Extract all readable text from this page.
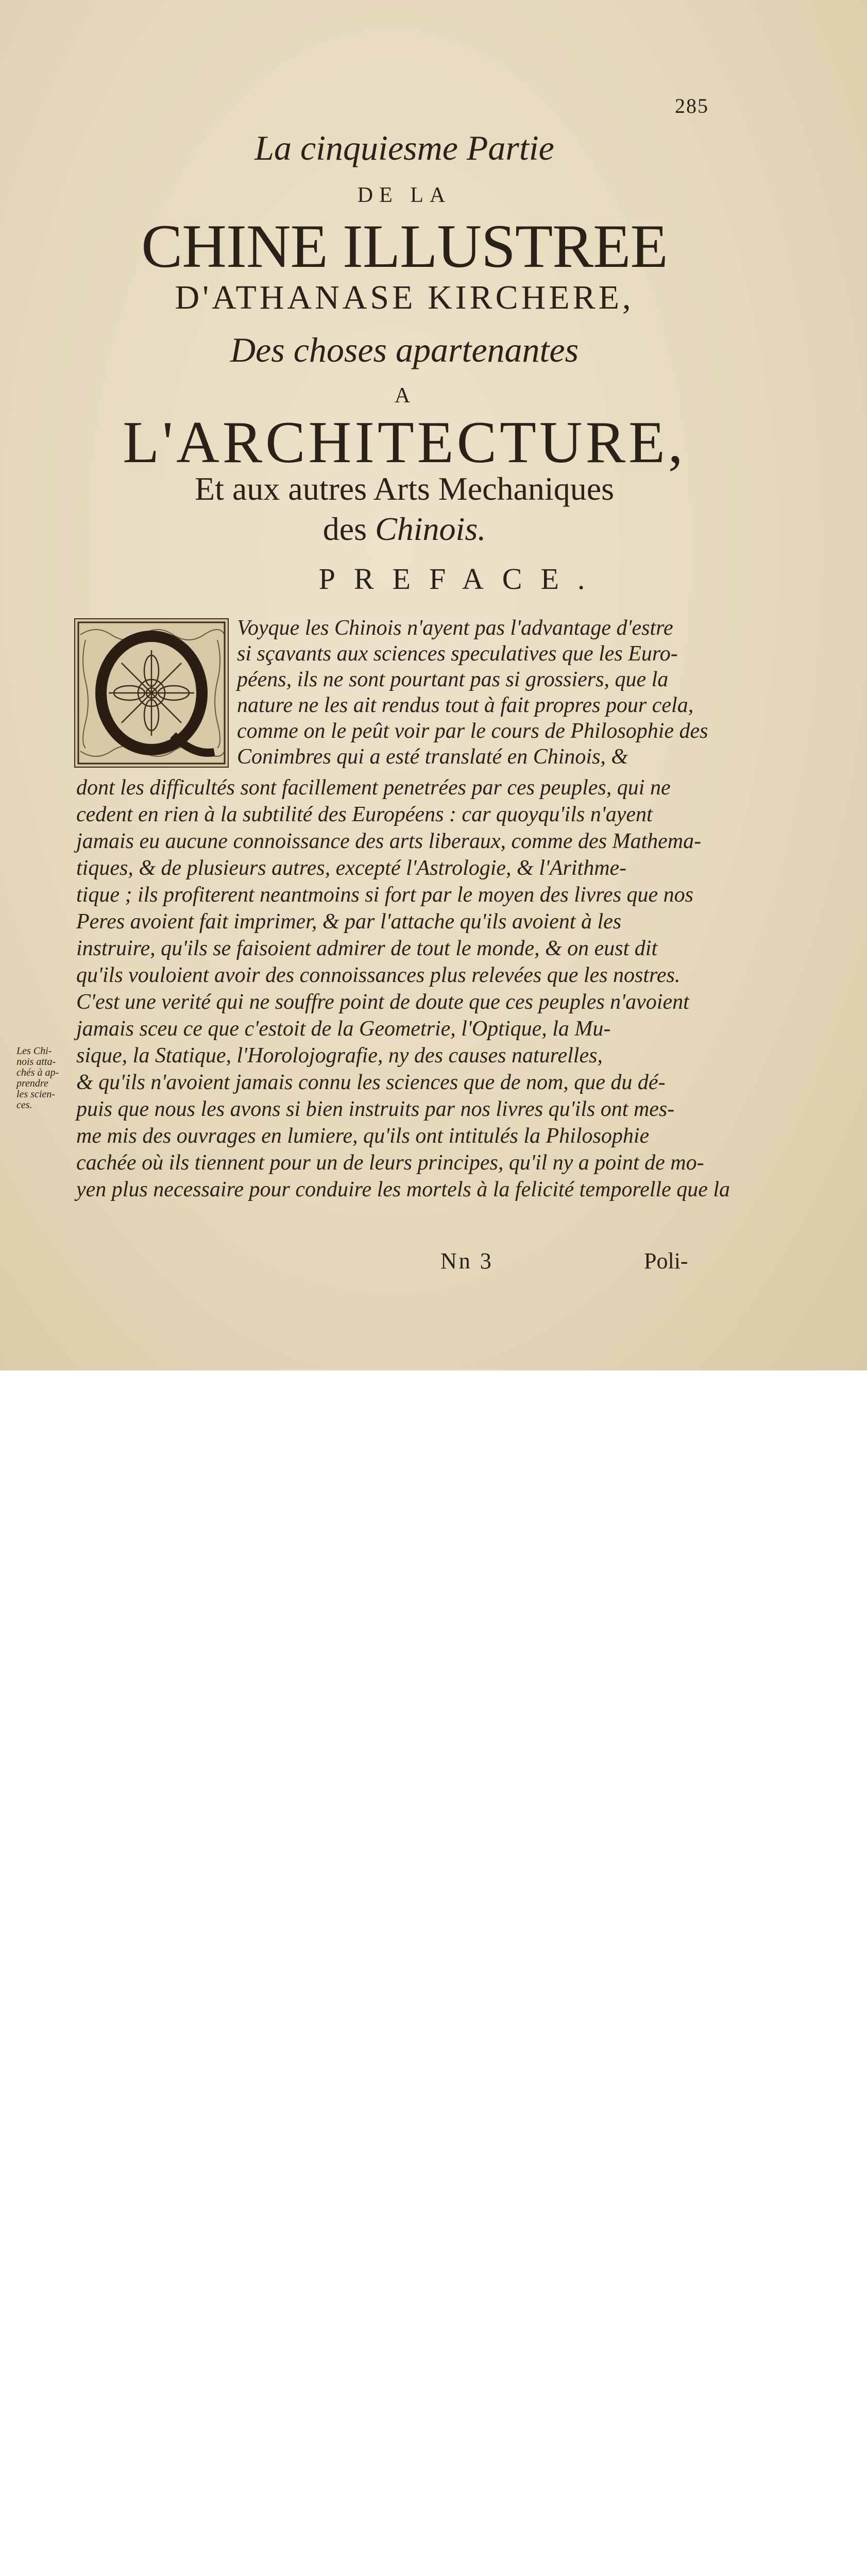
285
La cinquiesme Partie
DE LA
CHINE ILLUSTREE
D'ATHANASE KIRCHERE,
Des choses apartenantes
A
L'ARCHITECTURE,
Et aux autres Arts Mechaniques
des Chinois.
PREFACE.
Voyque les Chinois n'ayent pas l'advantage d'estre
si sçavants aux sciences speculatives que les Euro-
péens, ils ne sont pourtant pas si grossiers, que la
nature ne les ait rendus tout à fait propres pour cela,
comme on le peût voir par le cours de Philosophie des
Conimbres qui a esté translaté en Chinois, &
dont les difficultés sont facillement penetrées par ces peuples, qui ne
cedent en rien à la subtilité des Européens : car quoyqu'ils n'ayent
jamais eu aucune connoissance des arts liberaux, comme des Mathema-
tiques, & de plusieurs autres, excepté l'Astrologie, & l'Arithme-
tique ; ils profiterent neantmoins si fort par le moyen des livres que nos
Peres avoient fait imprimer, & par l'attache qu'ils avoient à les
instruire, qu'ils se faisoient admirer de tout le monde, & on eust dit
qu'ils vouloient avoir des connoissances plus relevées que les nostres.
C'est une verité qui ne souffre point de doute que ces peuples n'avoient
jamais sceu ce que c'estoit de la Geometrie, l'Optique, la Mu-
sique, la Statique, l'Horolojografie, ny des causes naturelles,
& qu'ils n'avoient jamais connu les sciences que de nom, que du dé-
puis que nous les avons si bien instruits par nos livres qu'ils ont mes-
me mis des ouvrages en lumiere, qu'ils ont intitulés la Philosophie
cachée où ils tiennent pour un de leurs principes, qu'il ny a point de mo-
yen plus necessaire pour conduire les mortels à la felicité temporelle que la
Les Chi-
nois atta-
chés à ap-
prendre
les scien-
ces.
Nn 3	Poli-
